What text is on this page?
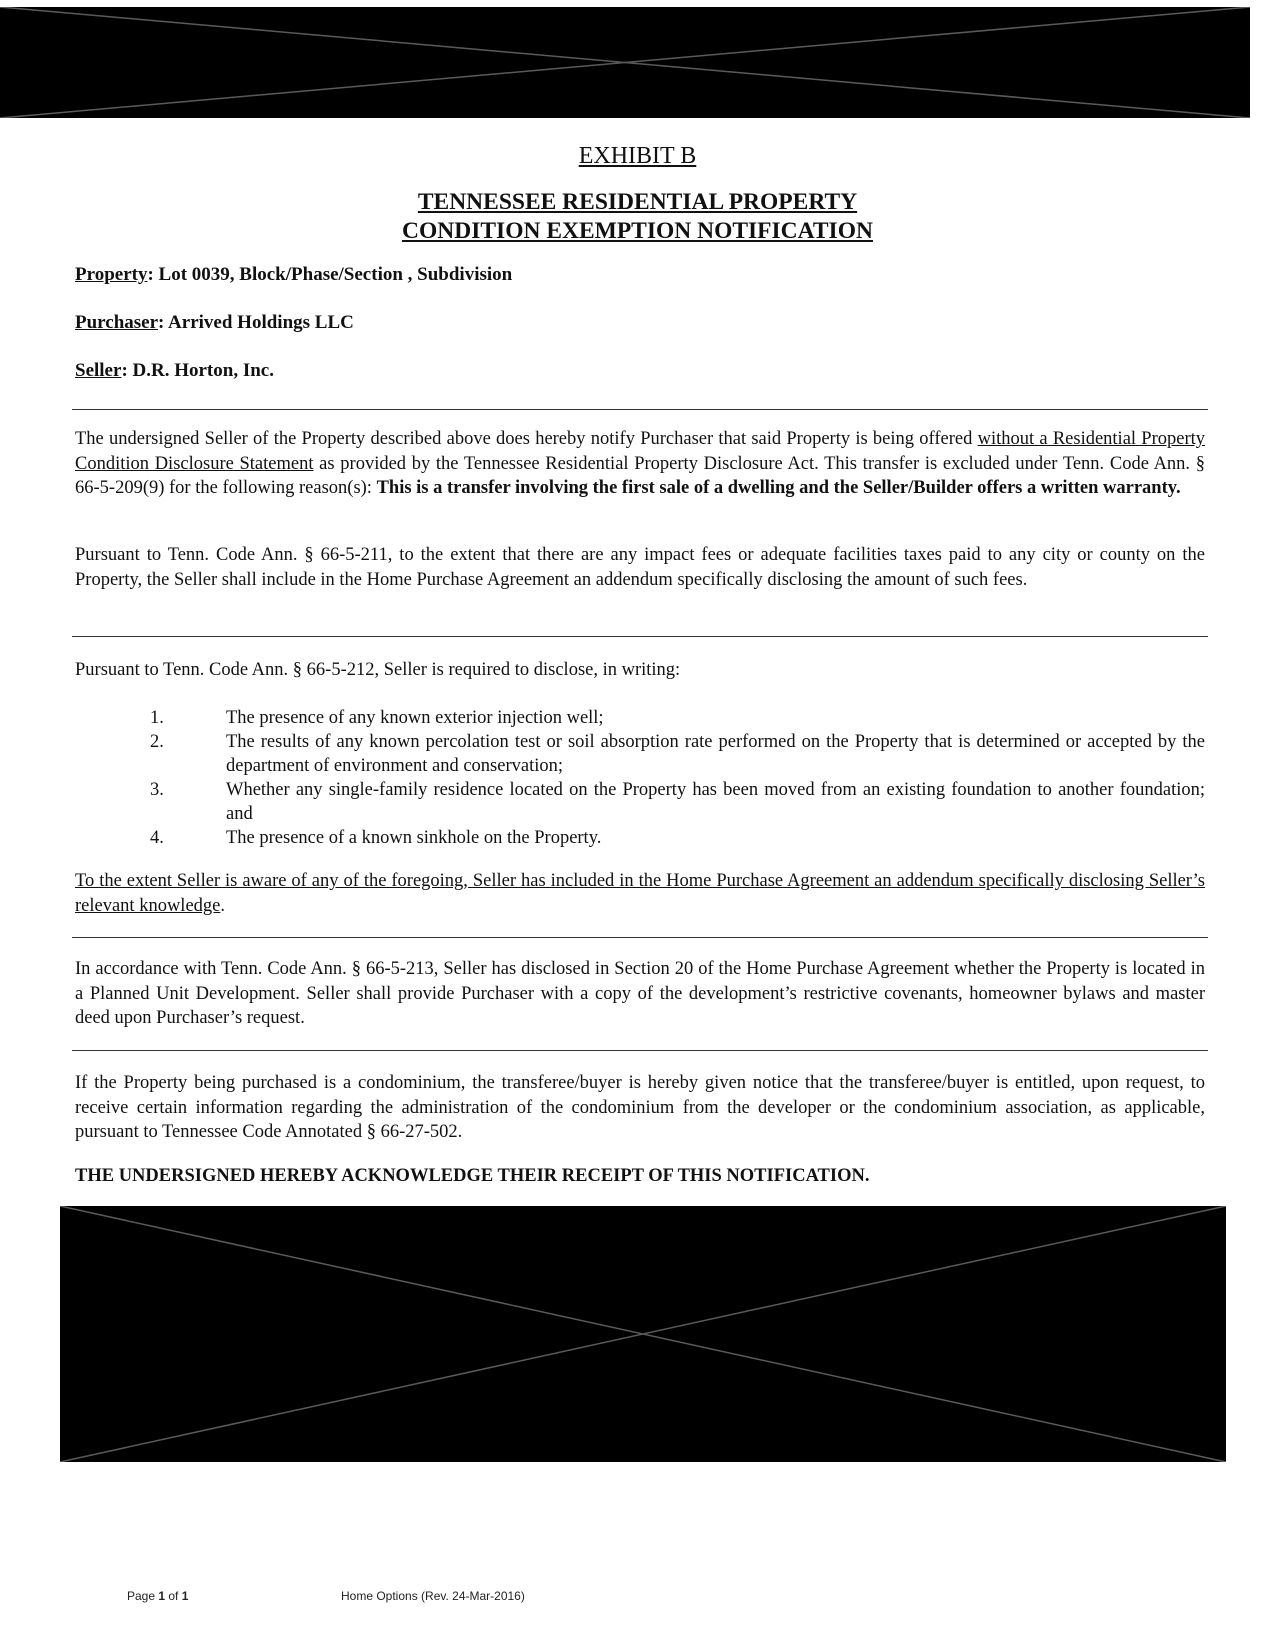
EXHIBIT B
TENNESSEE RESIDENTIAL PROPERTY
CONDITION EXEMPTION NOTIFICATION
Property: Lot 0039, Block/Phase/Section , Subdivision
Purchaser: Arrived Holdings LLC
Seller: D.R. Horton, Inc.
The undersigned Seller of the Property described above does hereby notify Purchaser that said Property is being offered without a Residential Property Condition Disclosure Statement as provided by the Tennessee Residential Property Disclosure Act. This transfer is excluded under Tenn. Code Ann. § 66-5-209(9) for the following reason(s): This is a transfer involving the first sale of a dwelling and the Seller/Builder offers a written warranty.
Pursuant to Tenn. Code Ann. § 66-5-211, to the extent that there are any impact fees or adequate facilities taxes paid to any city or county on the Property, the Seller shall include in the Home Purchase Agreement an addendum specifically disclosing the amount of such fees.
Pursuant to Tenn. Code Ann. § 66-5-212, Seller is required to disclose, in writing:
1.	The presence of any known exterior injection well;
2.	The results of any known percolation test or soil absorption rate performed on the Property that is determined or accepted by the department of environment and conservation;
3.	Whether any single-family residence located on the Property has been moved from an existing foundation to another foundation; and
4.	The presence of a known sinkhole on the Property.
To the extent Seller is aware of any of the foregoing, Seller has included in the Home Purchase Agreement an addendum specifically disclosing Seller’s relevant knowledge.
In accordance with Tenn. Code Ann. § 66-5-213, Seller has disclosed in Section 20 of the Home Purchase Agreement whether the Property is located in a Planned Unit Development. Seller shall provide Purchaser with a copy of the development’s restrictive covenants, homeowner bylaws and master deed upon Purchaser’s request.
If the Property being purchased is a condominium, the transferee/buyer is hereby given notice that the transferee/buyer is entitled, upon request, to receive certain information regarding the administration of the condominium from the developer or the condominium association, as applicable, pursuant to Tennessee Code Annotated § 66-27-502.
THE UNDERSIGNED HEREBY ACKNOWLEDGE THEIR RECEIPT OF THIS NOTIFICATION.
Page 1 of 1	Home Options (Rev. 24-Mar-2016)
